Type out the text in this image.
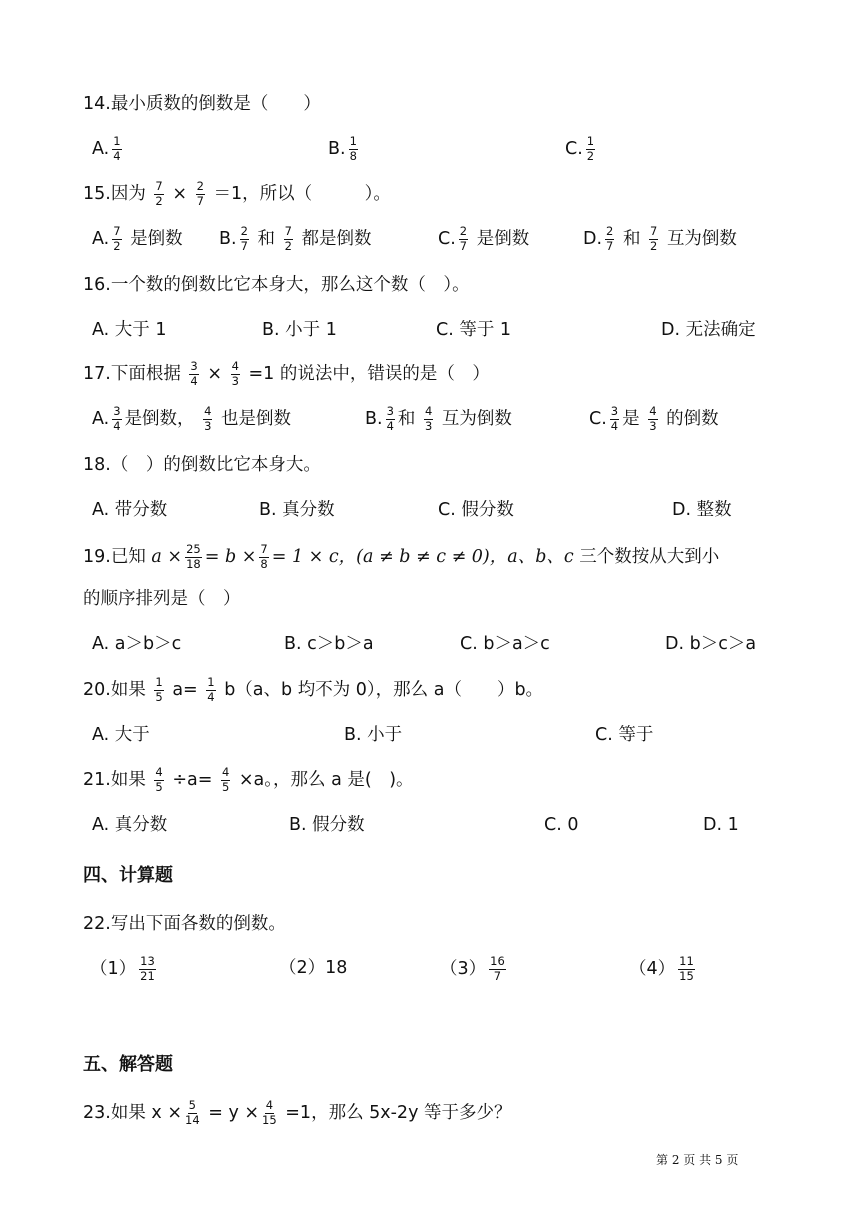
14.最小质数的倒数是（　　）
A. $\frac{1}{4}$	B. $\frac{1}{8}$	C. $\frac{1}{2}$
15.因为 $\frac{7}{2} \times \frac{2}{7} =1$，所以（　　　）。
A. $\frac{7}{2}$ 是倒数 B. $\frac{2}{7}$ 和 $\frac{7}{2}$ 都是倒数	C. $\frac{2}{7}$ 是倒数	D. $\frac{2}{7}$ 和 $\frac{7}{2}$ 互为倒数
16.一个数的倒数比它本身大，那么这个数（　）。
A. 大于 1	B. 小于 1	C. 等于 1	D. 无法确定
17.下面根据 $\frac{3}{4} \times \frac{4}{3} =1$ 的说法中，错误的是（　）
A. $\frac{3}{4}$ 是倒数， $\frac{4}{3}$ 也是倒数	B. $\frac{3}{4}$ 和 $\frac{4}{3}$ 互为倒数	C. $\frac{3}{4}$ 是 $\frac{4}{3}$ 的倒数
18.（　）的倒数比它本身大。
A. 带分数	B. 真分数	C. 假分数	D. 整数
19.已知 $a \times \frac{25}{18} = b \times \frac{7}{8} = 1 \times c$，(a ≠ b ≠ c ≠ 0)，a、b、c 三个数按从大到小
的顺序排列是（　）
A. a＞b＞c	B. c＞b＞a	C. b＞a＞c	D. b＞c＞a
20.如果 $\frac{1}{5} a= \frac{1}{4} b(a$、b 均不为 0），那么 a（　　）b。
A. 大于	B. 小于	C. 等于
21.如果 $\frac{4}{5} \div a= \frac{4}{5} \times a$。，那么 a 是(　)。
A. 真分数	B. 假分数	C. 0	D. 1
四、计算题
22.写出下面各数的倒数。
$(1) \frac{13}{21}$	（2）18	$(3) \frac{16}{7}$	$(4) \frac{11}{15}$
五、解答题
23.如果 $x \times \frac{5}{14} = y \times \frac{4}{15} =1$，那么 5x-2y 等于多少？
第 2 页 共 5 页
